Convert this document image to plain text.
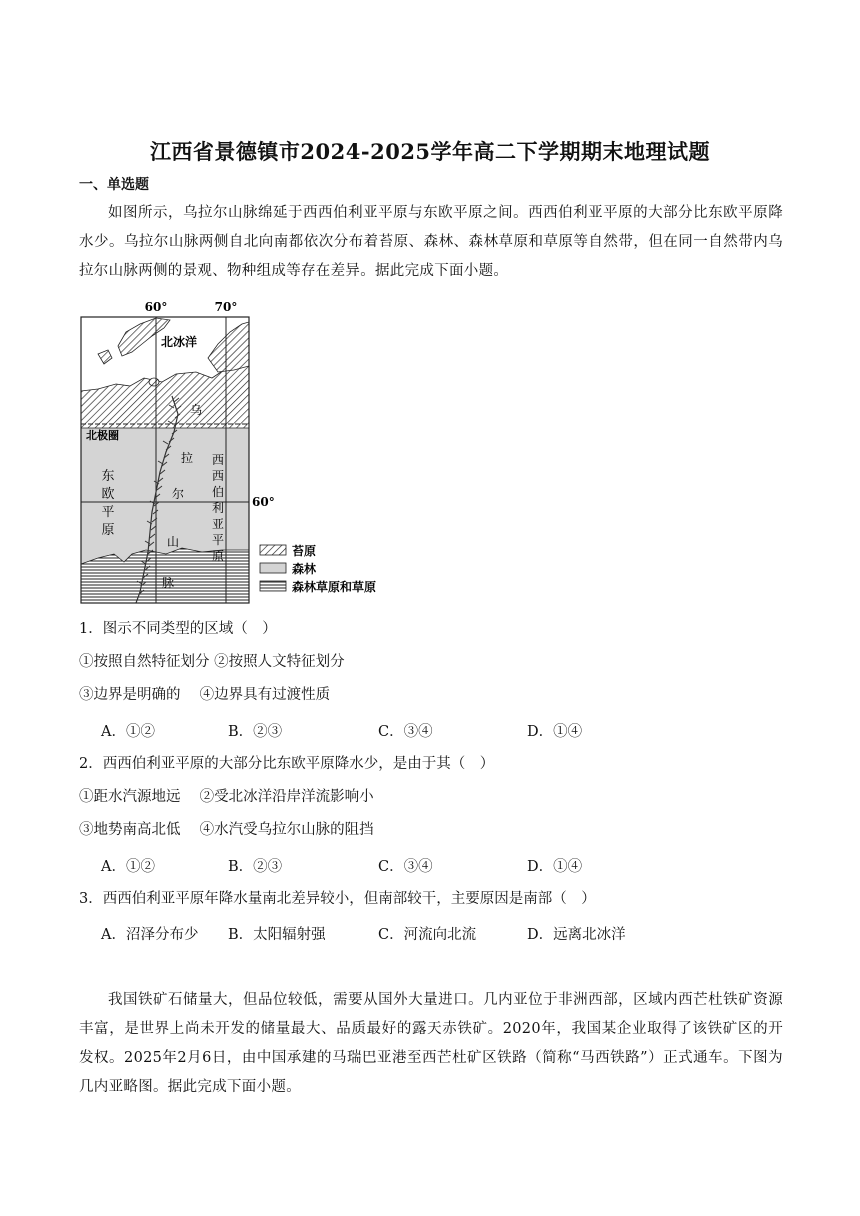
江西省景德镇市2024-2025学年高二下学期期末地理试题
一、单选题

如图所示，乌拉尔山脉绵延于西西伯利亚平原与东欧平原之间。西西伯利亚平原的大部分比东欧平原降水少。乌拉尔山脉两侧自北向南都依次分布着苔原、森林、森林草原和草原等自然带，但在同一自然带内乌拉尔山脉两侧的景观、物种组成等存在差异。据此完成下面小题。

60°	70°
60°
北冰洋
北极圈
东
欧
平
原
西
西
伯
利
亚
平
原
乌
拉
尔
山
脉
苔原
森林
森林草原和草原
1．图示不同类型的区域（　）
①按照自然特征划分 ②按照人文特征划分
③边界是明确的　 ④边界具有过渡性质
A．①②	B．②③	C．③④	D．①④
2．西西伯利亚平原的大部分比东欧平原降水少，是由于其（　）
①距水汽源地远　 ②受北冰洋沿岸洋流影响小
③地势南高北低　 ④水汽受乌拉尔山脉的阻挡
A．①②	B．②③	C．③④	D．①④
3．西西伯利亚平原年降水量南北差异较小，但南部较干，主要原因是南部（　）
A．沼泽分布少 B．太阳辐射强	C．河流向北流	D．远离北冰洋

我国铁矿石储量大，但品位较低，需要从国外大量进口。几内亚位于非洲西部，区域内西芒杜铁矿资源丰富，是世界上尚未开发的储量最大、品质最好的露天赤铁矿。2020年，我国某企业取得了该铁矿区的开发权。2025年2月6日，由中国承建的马瑞巴亚港至西芒杜矿区铁路（简称“马西铁路”）正式通车。下图为几内亚略图。据此完成下面小题。
